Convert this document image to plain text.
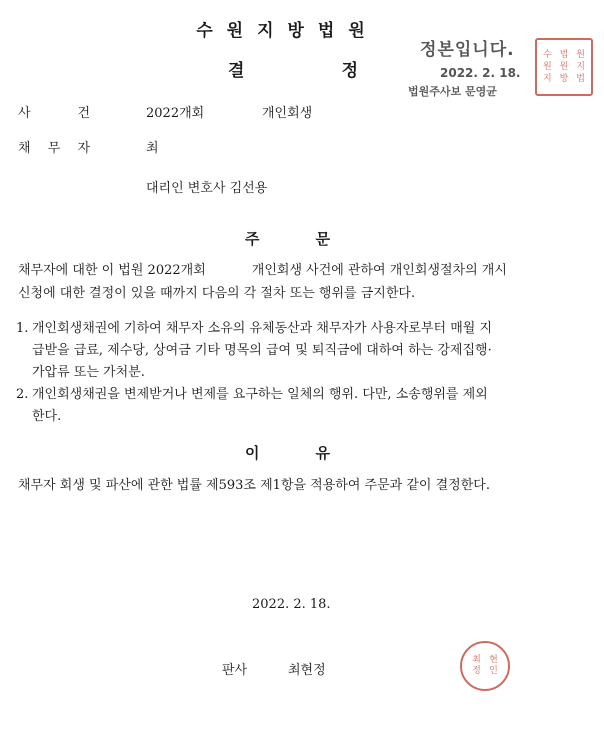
수원지방법원
결	정
정본입니다.
2022. 2. 18.
법원주사보 문영균
수 법 원
원 원 지
지 방 법
사	건	2022개회	개인회생
채 무 자	최
대리인 변호사 김선용
주	문
채무자에 대한 이 법원 2022개회	개인회생 사건에 관하여 개인회생절차의 개시
신청에 대한 결정이 있을 때까지 다음의 각 절차 또는 행위를 금지한다.
1. 개인회생채권에 기하여 채무자 소유의 유체동산과 채무자가 사용자로부터 매월 지
급받을 급료, 제수당, 상여금 기타 명목의 급여 및 퇴직금에 대하여 하는 강제집행·
가압류 또는 가처분.
2. 개인회생채권을 변제받거나 변제를 요구하는 일체의 행위. 다만, 소송행위를 제외
한다.
이	유
채무자 회생 및 파산에 관한 법률 제593조 제1항을 적용하여 주문과 같이 결정한다.
2022. 2. 18.
판사	최현정
최 현
정 인
